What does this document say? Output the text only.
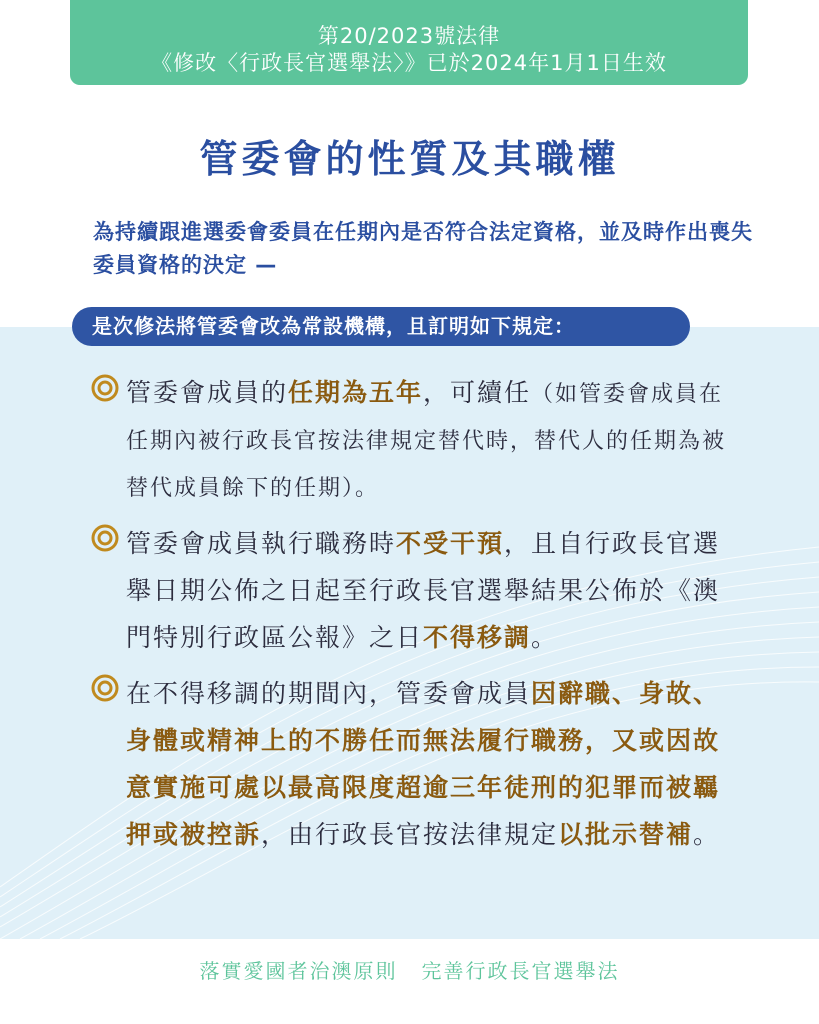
第20/2023號法律
《修改〈行政長官選舉法〉》已於2024年1月1日生效
管委會的性質及其職權
為持續跟進選委會委員在任期內是否符合法定資格，並及時作出喪失委員資格的決定 —
是次修法將管委會改為常設機構，且訂明如下規定：
管委會成員的任期為五年，可續任（如管委會成員在任期內被行政長官按法律規定替代時，替代人的任期為被替代成員餘下的任期）。
管委會成員執行職務時不受干預，且自行政長官選舉日期公佈之日起至行政長官選舉結果公佈於《澳門特別行政區公報》之日不得移調。
在不得移調的期間內，管委會成員因辭職、身故、身體或精神上的不勝任而無法履行職務，又或因故意實施可處以最高限度超逾三年徒刑的犯罪而被羈押或被控訴，由行政長官按法律規定以批示替補。
落實愛國者治澳原則 完善行政長官選舉法
